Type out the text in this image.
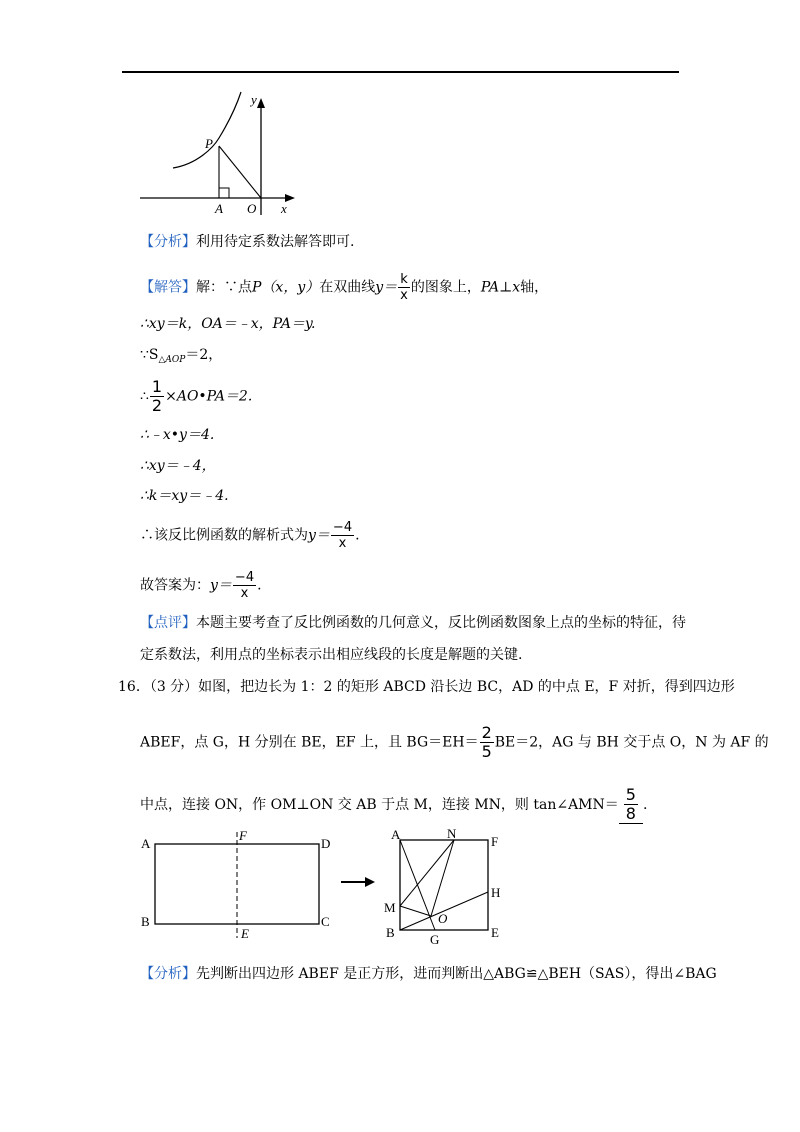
y
P
A O x
【分析】利用待定系数法解答即可.
【解答】解：∵点P（x，y）在双曲线$y= \frac{k}{x}$ 的图象上，PA⊥x轴，
∴xy＝k，OA＝﹣x，PA＝y.
$\because S_{\triangle AOP}=2$，
∴ $\frac{1}{2}$ ×AO•PA＝2.
∴﹣x•y＝4.
∴xy＝﹣4，
∴k＝xy＝﹣4.
∴该反比例函数的解析式为$y= \frac{-4}{x}$ .
故答案为：$y= \frac{-4}{x}$ .
【点评】本题主要考查了反比例函数的几何意义，反比例函数图象上点的坐标的特征，待
定系数法，利用点的坐标表示出相应线段的长度是解题的关键.
16．（3 分）如图，把边长为 1：2 的矩形 ABCD 沿长边 BC，AD 的中点 E，F 对折，得到四边形
ABEF，点 G，H 分别在 BE，EF 上，且 $BG=EH= \frac{2}{5} BE=2$，AG 与 BH 交于点 O，N 为 AF 的
中点，连接 ON，作 OM⊥ON 交 AB 于点 M，连接 MN，则 tan∠AMN＝ $\frac{5}{8}$ .
A
F
D
B
E
C
A	N
F
H
M
O
B	G	E
【分析】先判断出四边形 ABEF 是正方形，进而判断出△ABG≌△BEH（SAS），得出∠BAG
